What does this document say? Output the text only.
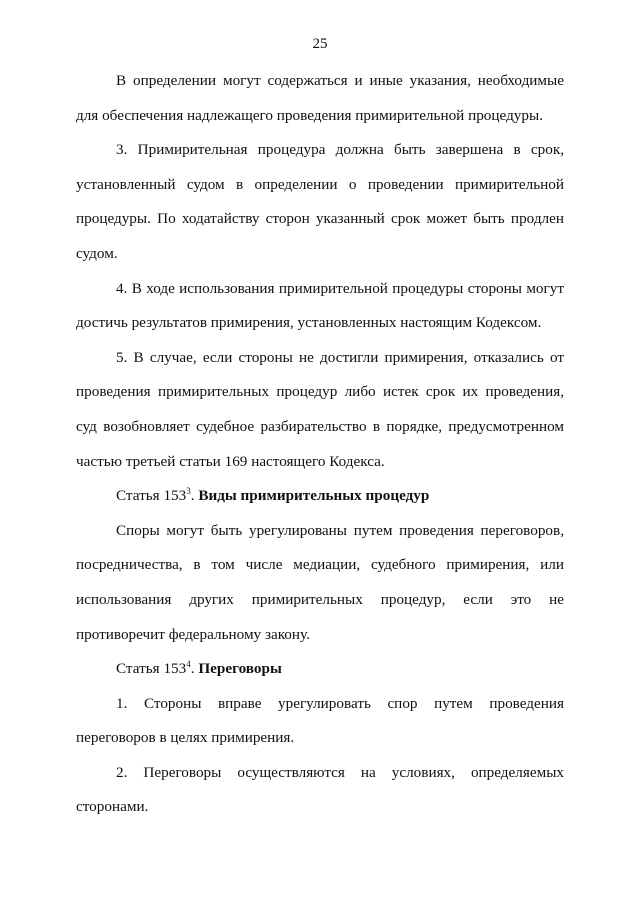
25

В определении могут содержаться и иные указания, необходимые для обеспечения надлежащего проведения примирительной процедуры.

3. Примирительная процедура должна быть завершена в срок, установленный судом в определении о проведении примирительной процедуры. По ходатайству сторон указанный срок может быть продлен судом.

4. В ходе использования примирительной процедуры стороны могут достичь результатов примирения, установленных настоящим Кодексом.

5. В случае, если стороны не достигли примирения, отказались от проведения примирительных процедур либо истек срок их проведения, суд возобновляет судебное разбирательство в порядке, предусмотренном частью третьей статьи 169 настоящего Кодекса.

Статья $153^3$. Виды примирительных процедур

Споры могут быть урегулированы путем проведения переговоров, посредничества, в том числе медиации, судебного примирения, или использования других примирительных процедур, если это не противоречит федеральному закону.

Статья $153^4$. Переговоры

1. Стороны вправе урегулировать спор путем проведения переговоров в целях примирения.

2. Переговоры осуществляются на условиях, определяемых сторонами.
